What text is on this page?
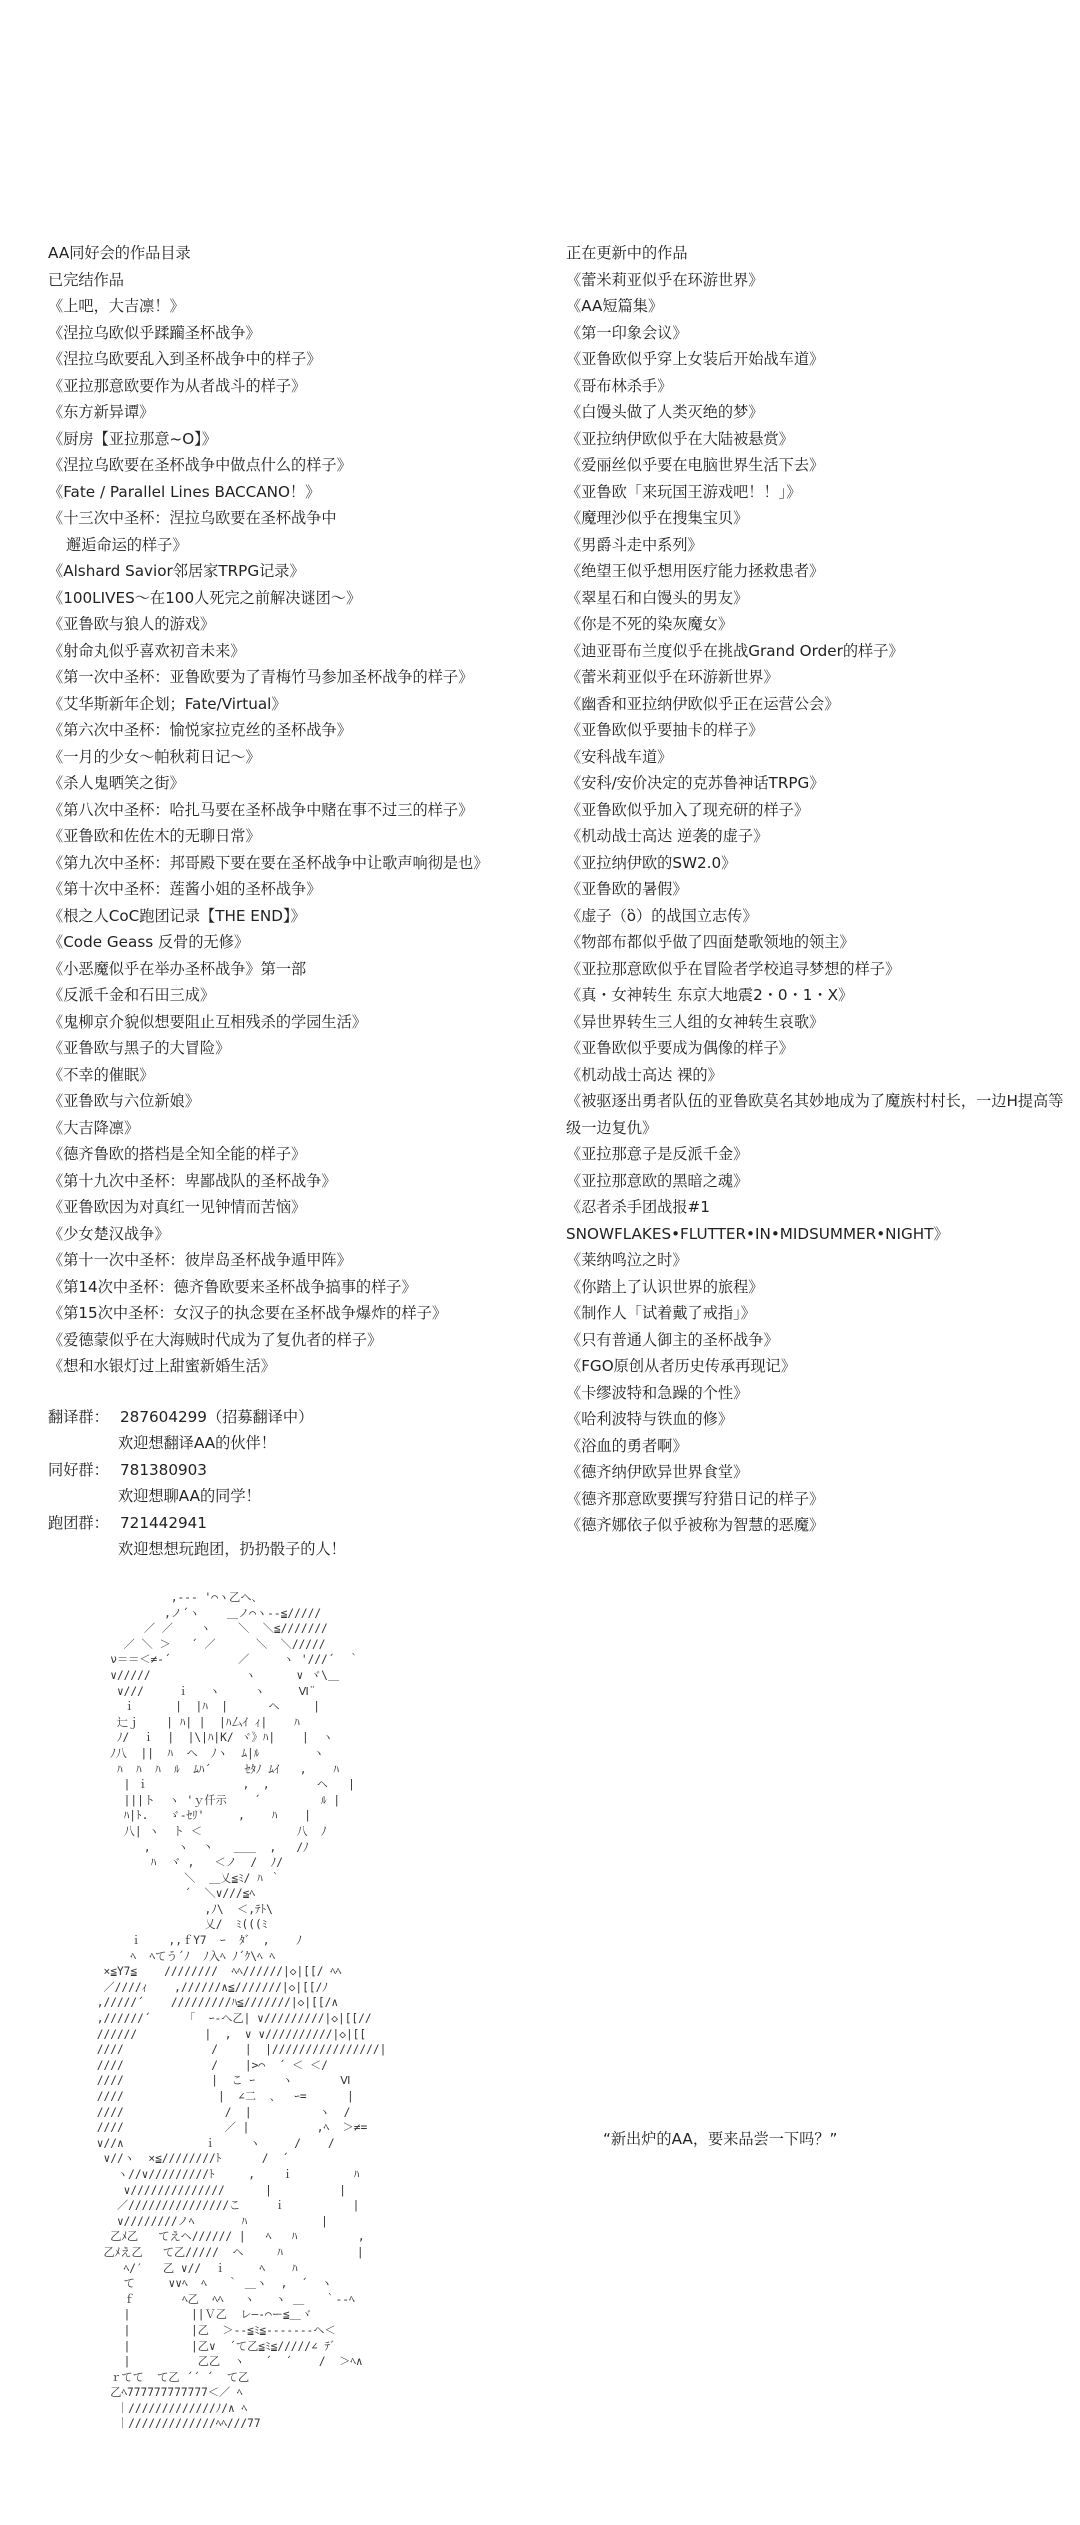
AA同好会的作品目录
已完结作品
《上吧，大吉凛！》
《涅拉乌欧似乎蹂躏圣杯战争》
《涅拉乌欧要乱入到圣杯战争中的样子》
《亚拉那意欧要作为从者战斗的样子》
《东方新异谭》
《厨房【亚拉那意~O】》
《涅拉乌欧要在圣杯战争中做点什么的样子》
《Fate / Parallel Lines BACCANO！》
《十三次中圣杯：涅拉乌欧要在圣杯战争中
邂逅命运的样子》
《Alshard Savior邻居家TRPG记录》
《100LIVES～在100人死完之前解决谜团～》
《亚鲁欧与狼人的游戏》
《射命丸似乎喜欢初音未来》
《第一次中圣杯：亚鲁欧要为了青梅竹马参加圣杯战争的样子》
《艾华斯新年企划；Fate/Virtual》
《第六次中圣杯：愉悦家拉克丝的圣杯战争》
《一月的少女～帕秋莉日记～》
《杀人鬼晒笑之街》
《第八次中圣杯：哈扎马要在圣杯战争中赌在事不过三的样子》
《亚鲁欧和佐佐木的无聊日常》
《第九次中圣杯：邦哥殿下要在要在圣杯战争中让歌声响彻是也》
《第十次中圣杯：莲酱小姐的圣杯战争》
《根之人CoC跑团记录【THE END】》
《Code Geass 反骨的无修》
《小恶魔似乎在举办圣杯战争》第一部
《反派千金和石田三成》
《鬼柳京介貌似想要阻止互相残杀的学园生活》
《亚鲁欧与黑子的大冒险》
《不幸的催眠》
《亚鲁欧与六位新娘》
《大吉降凛》
《德齐鲁欧的搭档是全知全能的样子》
《第十九次中圣杯：卑鄙战队的圣杯战争》
《亚鲁欧因为对真红一见钟情而苦恼》
《少女楚汉战争》
《第十一次中圣杯：彼岸岛圣杯战争遁甲阵》
《第14次中圣杯：德齐鲁欧要来圣杯战争搞事的样子》
《第15次中圣杯：女汉子的执念要在圣杯战争爆炸的样子》
《爱德蒙似乎在大海贼时代成为了复仇者的样子》
《想和水银灯过上甜蜜新婚生活》
翻译群： 287604299（招募翻译中）
欢迎想翻译AA的伙伴！
同好群： 781380903
欢迎想聊AA的同学！
跑团群： 721442941
欢迎想想玩跑团，扔扔骰子的人！
正在更新中的作品
《蕾米莉亚似乎在环游世界》
《AA短篇集》
《第一印象会议》
《亚鲁欧似乎穿上女装后开始战车道》
《哥布林杀手》
《白馒头做了人类灭绝的梦》
《亚拉纳伊欧似乎在大陆被悬赏》
《爱丽丝似乎要在电脑世界生活下去》
《亚鲁欧「来玩国王游戏吧！！」》
《魔理沙似乎在搜集宝贝》
《男爵斗走中系列》
《绝望王似乎想用医疗能力拯救患者》
《翠星石和白馒头的男友》
《你是不死的染灰魔女》
《迪亚哥布兰度似乎在挑战Grand Order的样子》
《蕾米莉亚似乎在环游新世界》
《幽香和亚拉纳伊欧似乎正在运营公会》
《亚鲁欧似乎要抽卡的样子》
《安科战车道》
《安科/安价决定的克苏鲁神话TRPG》
《亚鲁欧似乎加入了现充研的样子》
《机动战士高达 逆袭的虚子》
《亚拉纳伊欧的SW2.0》
《亚鲁欧的暑假》
《虚子（ὃ）的战国立志传》
《物部布都似乎做了四面楚歌领地的领主》
《亚拉那意欧似乎在冒险者学校追寻梦想的样子》
《真・女神转生 东京大地震2・0・1・X》
《异世界转生三人组的女神转生哀歌》
《亚鲁欧似乎要成为偶像的样子》
《机动战士高达 裸的》
《被驱逐出勇者队伍的亚鲁欧莫名其妙地成为了魔族村村长，一边H提高等级一边复仇》
《亚拉那意子是反派千金》
《亚拉那意欧的黑暗之魂》
《忍者杀手团战报#1 SNOWFLAKES•FLUTTER•IN•MIDSUMMER•NIGHT》
《莱纳鸣泣之时》
《你踏上了认识世界的旅程》
《制作人「试着戴了戒指」》
《只有普通人御主的圣杯战争》
《FGO原创从者历史传承再现记》
《卡缪波特和急躁的个性》
《哈利波特与铁血的修》
《浴血的勇者啊》
《德齐纳伊欧异世界食堂》
《德齐那意欧要撰写狩猎日记的样子》
《德齐娜依子似乎被称为智慧的恶魔》
,-‐‐ '⌒ヽ乙へ、
,ノ´ヽ    ＿ノ⌒ヽ-‐≦/////
／ ／    ヽ    ＼  ＼≦///////
／ ＼ ＞   ´ ／      ＼  ＼/////
ν＝＝＜≠-´          ／     ヽ '///´  ｀
∨/////              ヽ      ∨ ヾ\＿
∨///     ｉ   ヽ     ヽ     Ⅵ¨
ｉ      |  |ﾊ  |      ヘ     |
辷ｊ    | ﾊ| |  |ﾊ厶ｲ ｨ|    ﾊ
ﾉ/  ｉ  |  |\|ﾊ|K/ ヾ》ﾊ|    |  ヽ
ﾉ八  ||  ﾊ  ヘ  ﾉヽ  ﾑ|ﾙ        ヽ
ﾊ  ﾊ  ﾊ  ﾙ  ﾑﾊ´     ｾﾀﾉ ﾑｲ   ,    ﾊ
| ｉ              ,  ,       ヘ   |
|||ト  ヽ 'ｙ仟示    ´         ﾙ |
ﾊ|ﾄ.   ゞ-ｾﾘ'     ,    ﾊ    |
八| ヽ  ト ＜              八  ﾉ
,    ヽ  丶   ＿＿  ,   /ﾉ
ﾊ  ヾ ,   ＜ノ  /  ﾉ/
＼  ＿乂≦ﾐ/ ﾊ ｀
´  ＼∨///≦ﾍ
,ﾉ\  ＜,ﾃﾄ\
乂/  ﾐ(((ﾐ
ｉ    ,,ｆY7  ｰ  ﾀ゛ ,    ﾉ
ﾍ  ﾍてう´ﾉ  ﾉ入ﾍ ﾉ´ｸ\ﾍ ﾍ
×≦Y7≦    ////////  ﾍﾍ//////|◇|[[/ ﾍﾍ
／////ｨ    ,//////∧≦///////|◇|[[/ﾉ
,/////´    /////////ﾊ≦///////|◇|[[/∧
,//////´     「  ｰ‐へ乙| ∨/////////|◇|[[//
//////          |  ,  ∨ ∨//////////|◇|[[
////             /    |  |////////////////|
////             /    |>⌒  ´ ＜ ＜/
////             |  こ ｰ    ヽ       Ⅵ
////              |  ∠二  、  ｰ=      |
////               /  |          ヽ  /
////               ／ |          ,ﾍ  ＞≠=
∨//∧            ｉ     ヽ     /    /
∨//ヽ  ×≦////////ﾄ      /  ´
ヽ//∨/////////ﾄ     ,    ｉ         ﾊ
∨//////////////      |          |
／///////////////こ     ｉ          |
∨////////ノﾍ       ﾊ           |
乙ﾒ乙   てえヘ////// |   ﾍ   ﾊ         ,
乙ﾒえ乙   て乙/////  ヘ     ﾊ           |
ﾍ/′   乙 ∨//  ｉ     ﾍ    ﾊ
て     ∨∨ﾍ  ﾍ   ｀ ＿ヽ  ,  ´  ヽ
ｆ       ﾍ乙  ﾍﾍ   ヽ   ヽ ＿   ｀‐‐ﾍ
|         ||Ｖ乙  レ―‐⌒ー≦＿ヾ
|         |乙  ＞‐‐≦ﾐ≦‐‐‐‐‐‐‐ヘ＜
|         |乙∨  ´て乙≦ﾐ≦/////∠ ﾃﾞ
|          乙乙  ヽ   ´  ´    /  ＞ﾍ∧
ｒてて  て乙 ´´ ´  て乙
乙ﾍ777777777777＜／ ﾍ
｜/////////////ﾉ/∧ ﾍ
｜/////////////ﾍﾍ///77
“新出炉的AA，要来品尝一下吗？”
